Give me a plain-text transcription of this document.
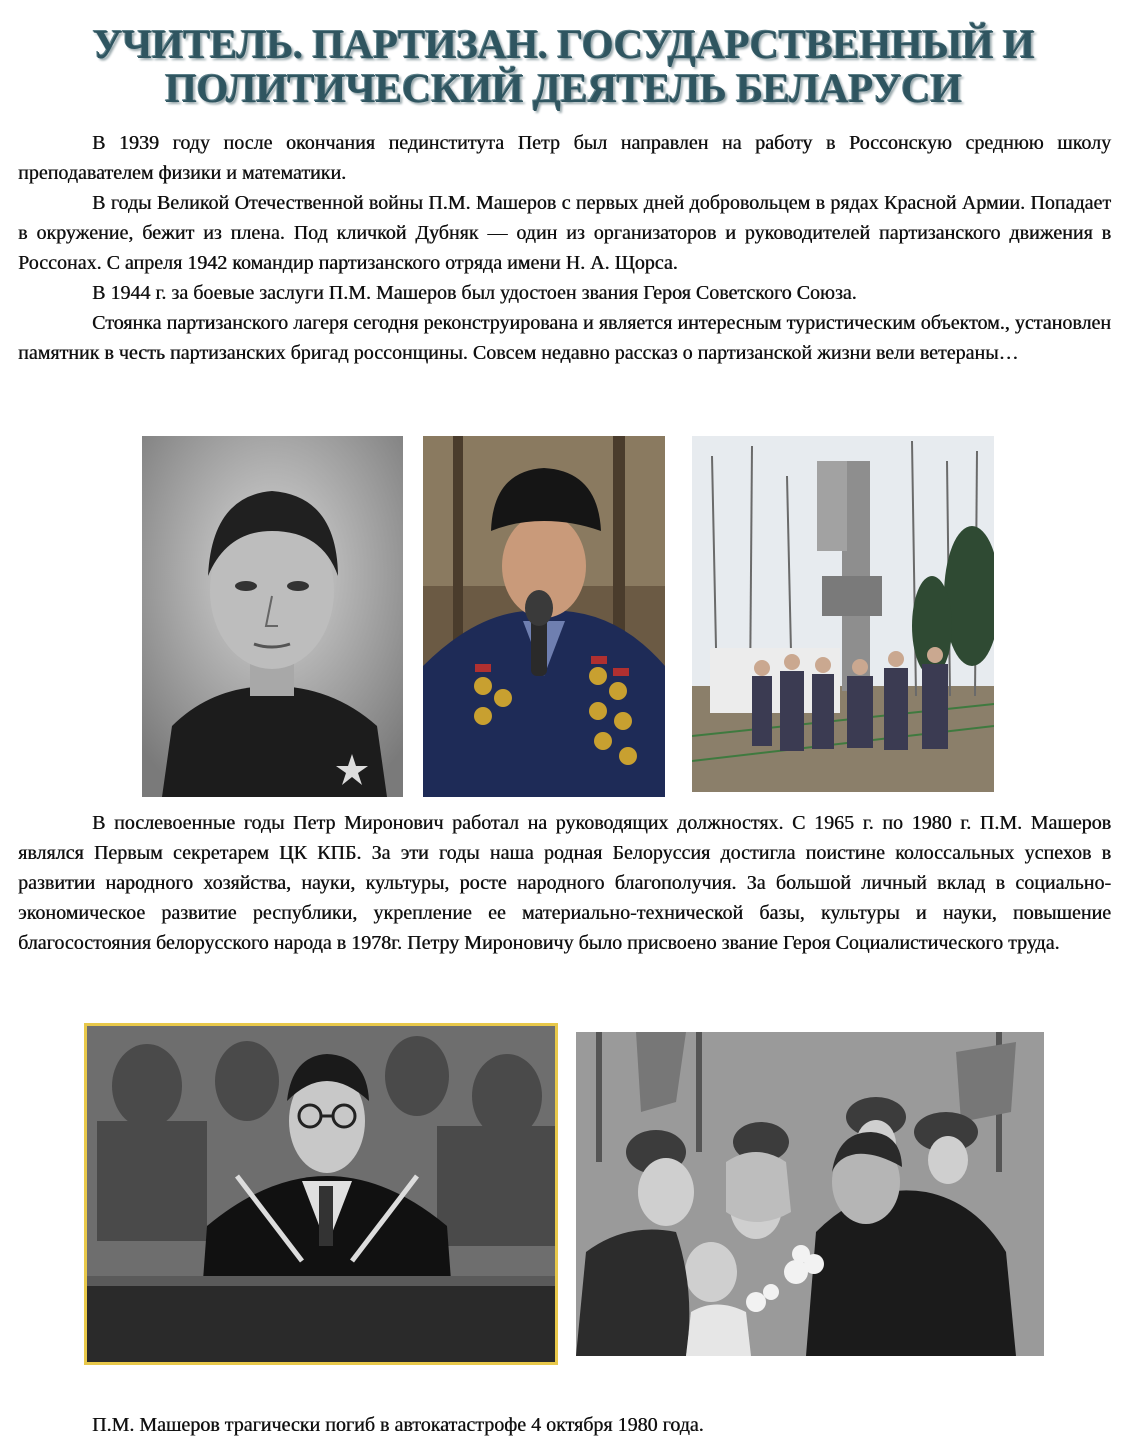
УЧИТЕЛЬ. ПАРТИЗАН. ГОСУДАРСТВЕННЫЙ И
ПОЛИТИЧЕСКИЙ ДЕЯТЕЛЬ БЕЛАРУСИ

В 1939 году после окончания пединститута Петр был направлен на работу в Россонскую среднюю школу преподавателем физики и математики.

В годы Великой Отечественной войны П.М. Машеров с первых дней добровольцем в рядах Красной Армии. Попадает в окружение, бежит из плена. Под кличкой Дубняк — один из организаторов и руководителей партизанского движения в Россонах. С апреля 1942 командир партизанского отряда имени Н. А. Щорса.

В 1944 г. за боевые заслуги П.М. Машеров был удостоен звания Героя Советского Союза.

Стоянка партизанского лагеря сегодня реконструирована и является интересным туристическим объектом., установлен памятник в честь партизанских бригад россонщины. Совсем недавно рассказ о партизанской жизни вели ветераны…

В послевоенные годы Петр Миронович работал на руководящих должностях. С 1965 г. по 1980 г. П.М. Машеров являлся Первым секретарем ЦК КПБ. За эти годы наша родная Белоруссия достигла поистине колоссальных успехов в развитии народного хозяйства, науки, культуры, росте народного благополучия. За большой личный вклад в социально-экономическое развитие республики, укрепление ее материально-технической базы, культуры и науки, повышение благосостояния белорусского народа в 1978г. Петру Мироновичу было присвоено звание Героя Социалистического труда.

П.М. Машеров трагически погиб в автокатастрофе 4 октября 1980 года.
